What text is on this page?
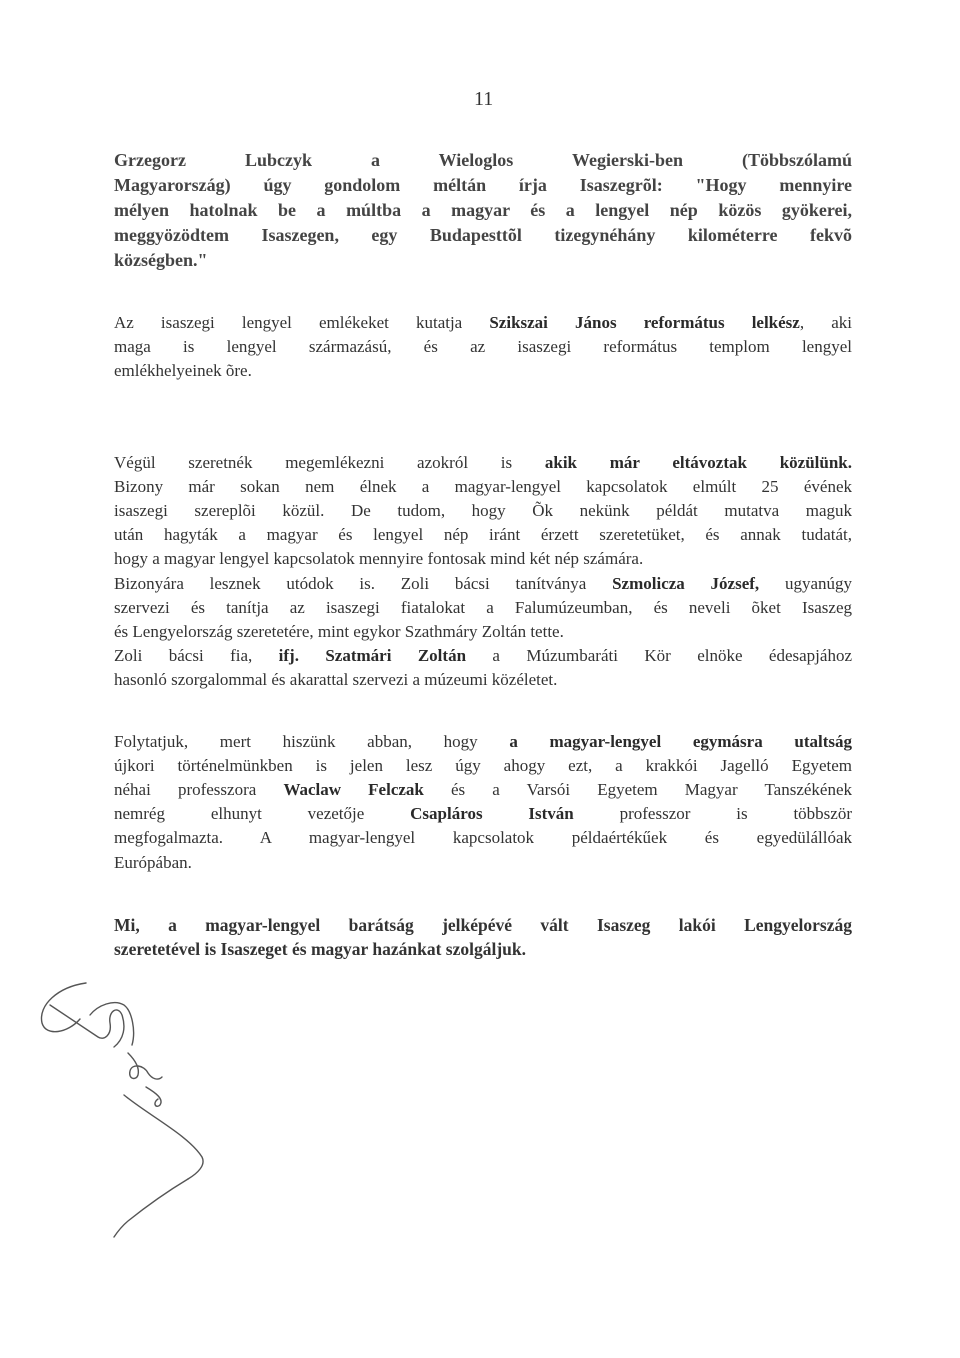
11

Grzegorz Lubczyk a Wieloglos Wegierski-ben (Többszólamú
Magyarország) úgy gondolom méltán írja Isaszegrõl: "Hogy mennyire
mélyen hatolnak be a múltba a magyar és a lengyel nép közös gyökerei,
meggyözödtem Isaszegen, egy Budapesttõl tizegynéhány kilométerre fekvõ
községben."

Az isaszegi lengyel emlékeket kutatja Szikszai János református lelkész, aki
maga is lengyel származású, és az isaszegi református templom lengyel
emlékhelyeinek õre.

Végül szeretnék megemlékezni azokról is akik már eltávoztak közülünk.
Bizony már sokan nem élnek a magyar-lengyel kapcsolatok elmúlt 25 évének
isaszegi szereplõi közül. De tudom, hogy Õk nekünk példát mutatva maguk
után hagyták a magyar és lengyel nép iránt érzett szeretetüket, és annak tudatát,
hogy a magyar lengyel kapcsolatok mennyire fontosak mind két nép számára.
Bizonyára lesznek utódok is. Zoli bácsi tanítványa Szmolicza József, ugyanúgy
szervezi és tanítja az isaszegi fiatalokat a Falumúzeumban, és neveli õket Isaszeg
és Lengyelország szeretetére, mint egykor Szathmáry Zoltán tette.
Zoli bácsi fia, ifj. Szatmári Zoltán a Múzumbaráti Kör elnöke édesapjához
hasonló szorgalommal és akarattal szervezi a múzeumi közéletet.

Folytatjuk, mert hiszünk abban, hogy a magyar-lengyel egymásra utaltság
újkori történelmünkben is jelen lesz úgy ahogy ezt, a krakkói Jagelló Egyetem
néhai professzora Waclaw Felczak és a Varsói Egyetem Magyar Tanszékének
nemrég elhunyt vezetője Csapláros István professzor is többször
megfogalmazta. A magyar-lengyel kapcsolatok példaértékűek és egyedülállóak
Európában.

Mi, a magyar-lengyel barátság jelképévé vált Isaszeg lakói Lengyelország
szeretetével is Isaszeget és magyar hazánkat szolgáljuk.
